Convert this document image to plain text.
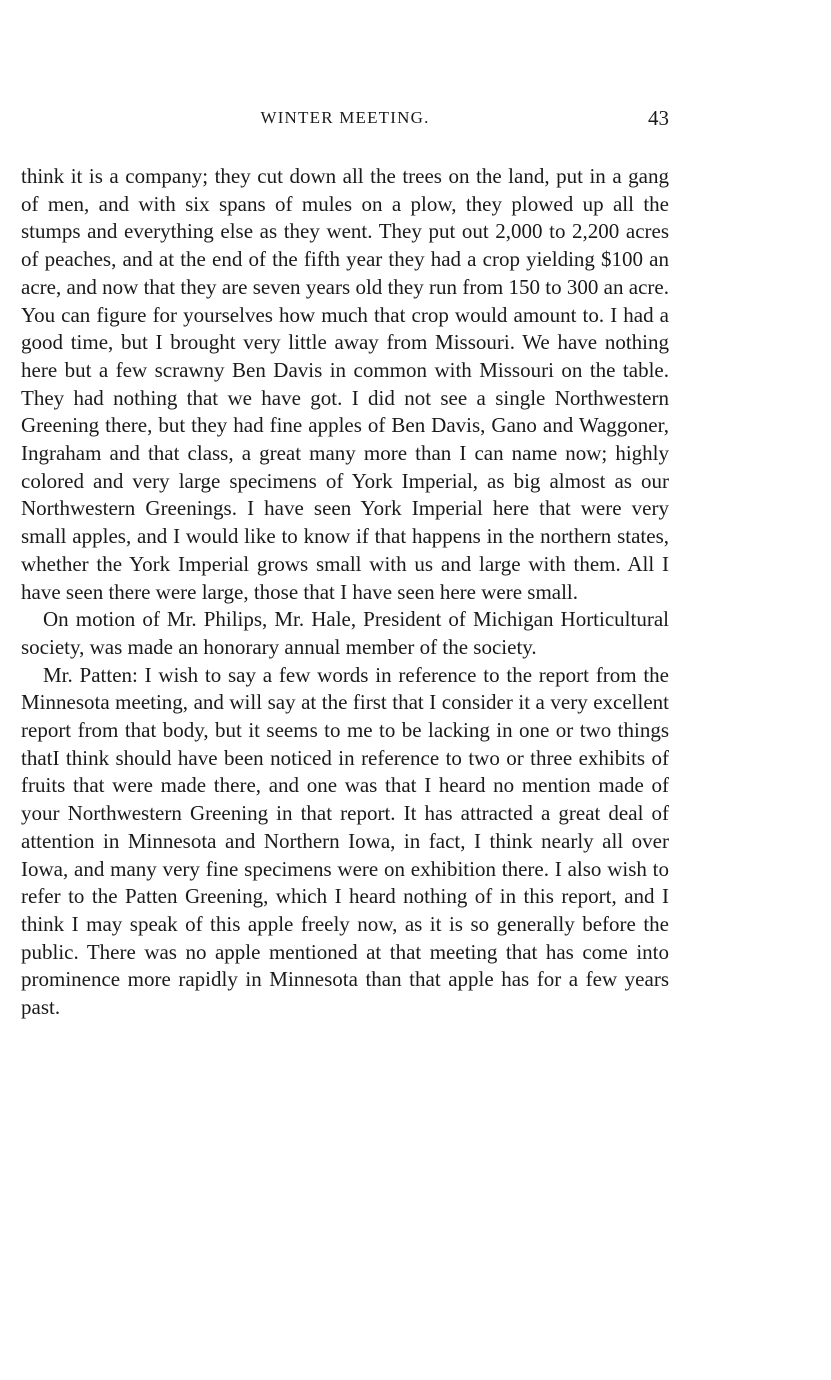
WINTER MEETING.	43

think it is a company; they cut down all the trees on the land, put in a gang of men, and with six spans of mules on a plow, they plowed up all the stumps and everything else as they went. They put out 2,000 to 2,200 acres of peaches, and at the end of the fifth year they had a crop yielding $100 an acre, and now that they are seven years old they run from 150 to 300 an acre. You can figure for yourselves how much that crop would amount to. I had a good time, but I brought very little away from Missouri. We have nothing here but a few scrawny Ben Davis in common with Missouri on the table. They had nothing that we have got. I did not see a single Northwestern Greening there, but they had fine apples of Ben Davis, Gano and Waggoner, Ingraham and that class, a great many more than I can name now; highly colored and very large specimens of York Imperial, as big almost as our Northwestern Greenings. I have seen York Imperial here that were very small apples, and I would like to know if that happens in the northern states, whether the York Imperial grows small with us and large with them. All I have seen there were large, those that I have seen here were small.

On motion of Mr. Philips, Mr. Hale, President of Michigan Horticultural society, was made an honorary annual member of the society.

Mr. Patten: I wish to say a few words in reference to the report from the Minnesota meeting, and will say at the first that I consider it a very excellent report from that body, but it seems to me to be lacking in one or two things thatI think should have been noticed in reference to two or three exhibits of fruits that were made there, and one was that I heard no mention made of your Northwestern Greening in that report. It has attracted a great deal of attention in Minnesota and Northern Iowa, in fact, I think nearly all over Iowa, and many very fine specimens were on exhibition there. I also wish to refer to the Patten Greening, which I heard nothing of in this report, and I think I may speak of this apple freely now, as it is so generally before the public. There was no apple mentioned at that meeting that has come into prominence more rapidly in Minnesota than that apple has for a few years past.
